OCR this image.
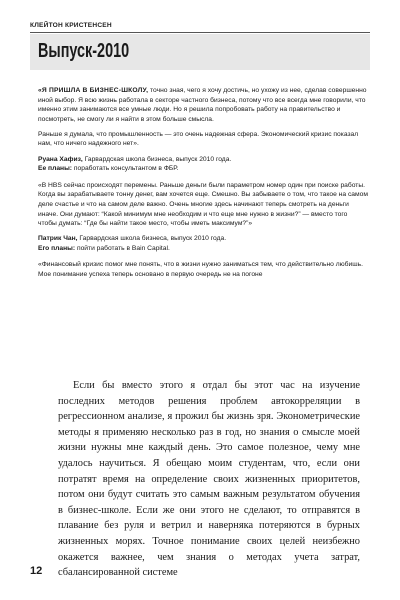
КЛЕЙТОН КРИСТЕНСЕН
Выпуск-2010

«Я ПРИШЛА В БИЗНЕС-ШКОЛУ, точно зная, чего я хочу достичь, но ухожу из нее, сделав совершенно иной выбор. Я всю жизнь работала в секторе частного бизнеса, потому что все всегда мне говорили, что именно этим занимаются все умные люди. Но я решила попробовать работу на правительство и посмотреть, не смогу ли я найти в этом больше смысла.

Раньше я думала, что промышленность — это очень надежная сфера. Экономический кризис показал нам, что ничего надежного нет».

Руана Хафиз, Гарвардская школа бизнеса, выпуск 2010 года.

Ее планы: поработать консультантом в ФБР.

«В HBS сейчас происходят перемены. Раньше деньги были параметром номер один при поиске работы. Когда вы зарабатываете тонну денег, вам хочется еще. Смешно. Вы забываете о том, что такое на самом деле счастье и что на самом деле важно. Очень многие здесь начинают теперь смотреть на деньги иначе. Они думают: “Какой минимум мне необходим и что еще мне нужно в жизни?” — вместо того чтобы думать: “Где бы найти такое место, чтобы иметь максимум?”»

Патрик Чан, Гарвардская школа бизнеса, выпуск 2010 года.

Его планы: пойти работать в Bain Capital.

«Финансовый кризис помог мне понять, что в жизни нужно заниматься тем, что действительно любишь. Мое понимание успеха теперь основано в первую очередь не на погоне

Если бы вместо этого я отдал бы этот час на изучение последних методов решения проблем автокорреляции в регрессионном анализе, я прожил бы жизнь зря. Эконометрические методы я применяю несколько раз в год, но знания о смысле моей жизни нужны мне каждый день. Это самое полезное, чему мне удалось научиться. Я обещаю моим студентам, что, если они потратят время на определение своих жизненных приоритетов, потом они будут считать это самым важным результатом обучения в бизнес-школе. Если же они этого не сделают, то отправятся в плавание без руля и ветрил и наверняка потеряются в бурных жизненных морях. Точное понимание своих целей неизбежно окажется важнее, чем знания о методах учета затрат, сбалансированной системе

12
